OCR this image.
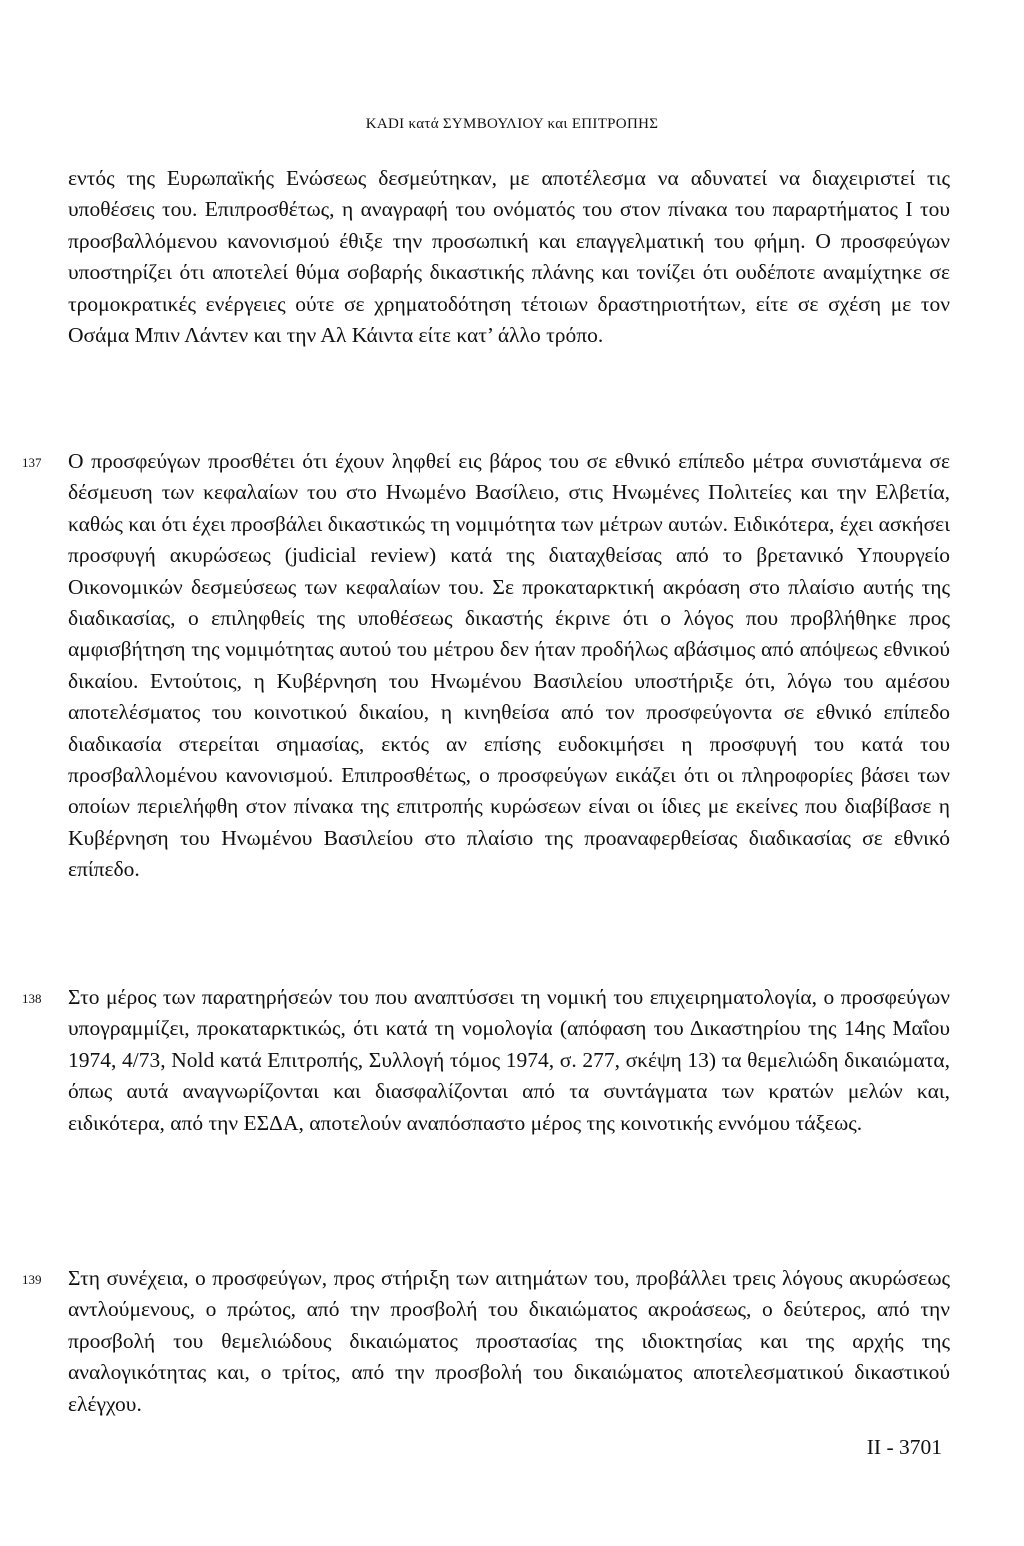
KADI κατά ΣΥΜΒΟΥΛΙΟΥ και ΕΠΙΤΡΟΠΗΣ

εντός της Ευρωπαϊκής Ενώσεως δεσμεύτηκαν, με αποτέλεσμα να αδυνατεί να διαχειριστεί τις υποθέσεις του. Επιπροσθέτως, η αναγραφή του ονόματός του στον πίνακα του παραρτήματος I του προσβαλλόμενου κανονισμού έθιξε την προσωπική και επαγγελματική του φήμη. Ο προσφεύγων υποστηρίζει ότι αποτελεί θύμα σοβαρής δικαστικής πλάνης και τονίζει ότι ουδέποτε αναμίχτηκε σε τρομοκρατικές ενέργειες ούτε σε χρηματοδότηση τέτοιων δραστηριοτήτων, είτε σε σχέση με τον Οσάμα Μπιν Λάντεν και την Αλ Κάιντα είτε κατ’ άλλο τρόπο.

137 Ο προσφεύγων προσθέτει ότι έχουν ληφθεί εις βάρος του σε εθνικό επίπεδο μέτρα συνιστάμενα σε δέσμευση των κεφαλαίων του στο Ηνωμένο Βασίλειο, στις Ηνωμένες Πολιτείες και την Ελβετία, καθώς και ότι έχει προσβάλει δικαστικώς τη νομιμότητα των μέτρων αυτών. Ειδικότερα, έχει ασκήσει προσφυγή ακυρώσεως (judicial review) κατά της διαταχθείσας από το βρετανικό Υπουργείο Οικονομικών δεσμεύσεως των κεφαλαίων του. Σε προκαταρκτική ακρόαση στο πλαίσιο αυτής της διαδικασίας, ο επιληφθείς της υποθέσεως δικαστής έκρινε ότι ο λόγος που προβλήθηκε προς αμφισβήτηση της νομιμότητας αυτού του μέτρου δεν ήταν προδήλως αβάσιμος από απόψεως εθνικού δικαίου. Εντούτοις, η Κυβέρνηση του Ηνωμένου Βασιλείου υποστήριξε ότι, λόγω του αμέσου αποτελέσματος του κοινοτικού δικαίου, η κινηθείσα από τον προσφεύγοντα σε εθνικό επίπεδο διαδικασία στερείται σημασίας, εκτός αν επίσης ευδοκιμήσει η προσφυγή του κατά του προσβαλλομένου κανονισμού. Επιπροσθέτως, ο προσφεύγων εικάζει ότι οι πληροφορίες βάσει των οποίων περιελήφθη στον πίνακα της επιτροπής κυρώσεων είναι οι ίδιες με εκείνες που διαβίβασε η Κυβέρνηση του Ηνωμένου Βασιλείου στο πλαίσιο της προαναφερθείσας διαδικασίας σε εθνικό επίπεδο.

138 Στο μέρος των παρατηρήσεών του που αναπτύσσει τη νομική του επιχειρηματολογία, ο προσφεύγων υπογραμμίζει, προκαταρκτικώς, ότι κατά τη νομολογία (απόφαση του Δικαστηρίου της 14ης Μαΐου 1974, 4/73, Nold κατά Επιτροπής, Συλλογή τόμος 1974, σ. 277, σκέψη 13) τα θεμελιώδη δικαιώματα, όπως αυτά αναγνωρίζονται και διασφαλίζονται από τα συντάγματα των κρατών μελών και, ειδικότερα, από την ΕΣΔΑ, αποτελούν αναπόσπαστο μέρος της κοινοτικής εννόμου τάξεως.

139 Στη συνέχεια, ο προσφεύγων, προς στήριξη των αιτημάτων του, προβάλλει τρεις λόγους ακυρώσεως αντλούμενους, ο πρώτος, από την προσβολή του δικαιώματος ακροάσεως, ο δεύτερος, από την προσβολή του θεμελιώδους δικαιώματος προστασίας της ιδιοκτησίας και της αρχής της αναλογικότητας και, ο τρίτος, από την προσβολή του δικαιώματος αποτελεσματικού δικαστικού ελέγχου.

II - 3701
